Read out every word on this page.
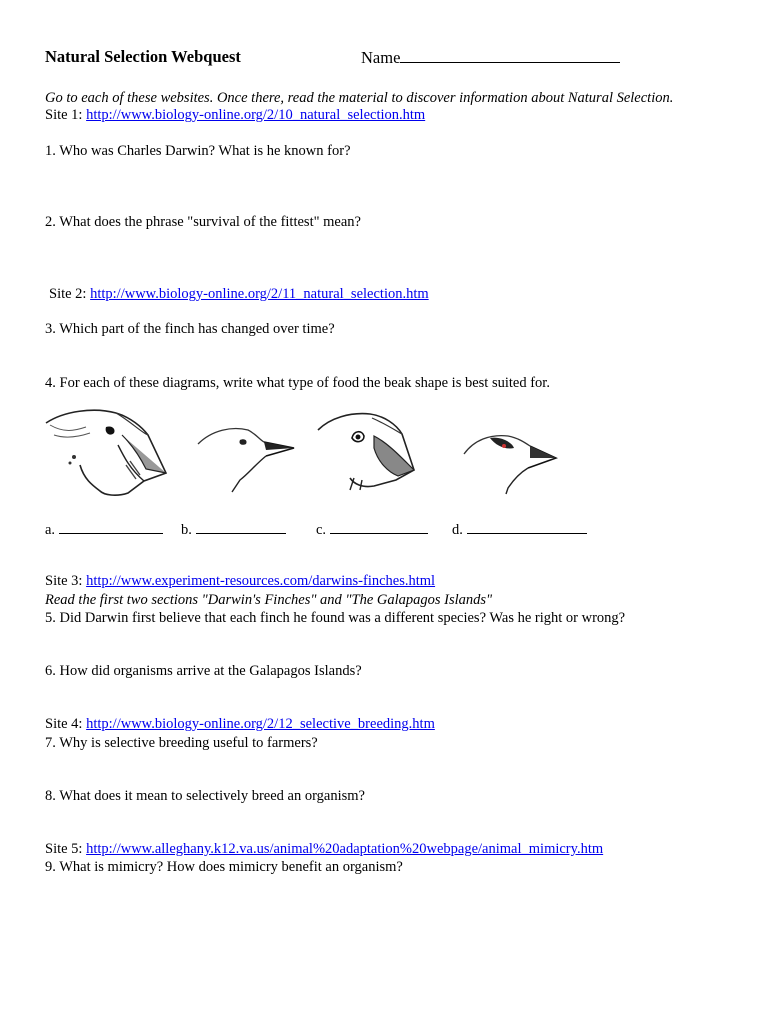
Natural Selection Webquest	Name
Go to each of these websites. Once there, read the material to discover information about Natural Selection.
Site 1: http://www.biology-online.org/2/10_natural_selection.htm
1. Who was Charles Darwin? What is he known for?
2. What does the phrase "survival of the fittest" mean?
Site 2: http://www.biology-online.org/2/11_natural_selection.htm
3. Which part of the finch has changed over time?
4. For each of these diagrams, write what type of food the beak shape is best suited for.
a.	b.	c.	d.
Site 3: http://www.experiment-resources.com/darwins-finches.html
Read the first two sections "Darwin's Finches" and "The Galapagos Islands"
5. Did Darwin first believe that each finch he found was a different species? Was he right or wrong?
6. How did organisms arrive at the Galapagos Islands?
Site 4: http://www.biology-online.org/2/12_selective_breeding.htm
7. Why is selective breeding useful to farmers?
8. What does it mean to selectively breed an organism?
Site 5: http://www.alleghany.k12.va.us/animal%20adaptation%20webpage/animal_mimicry.htm
9. What is mimicry? How does mimicry benefit an organism?
